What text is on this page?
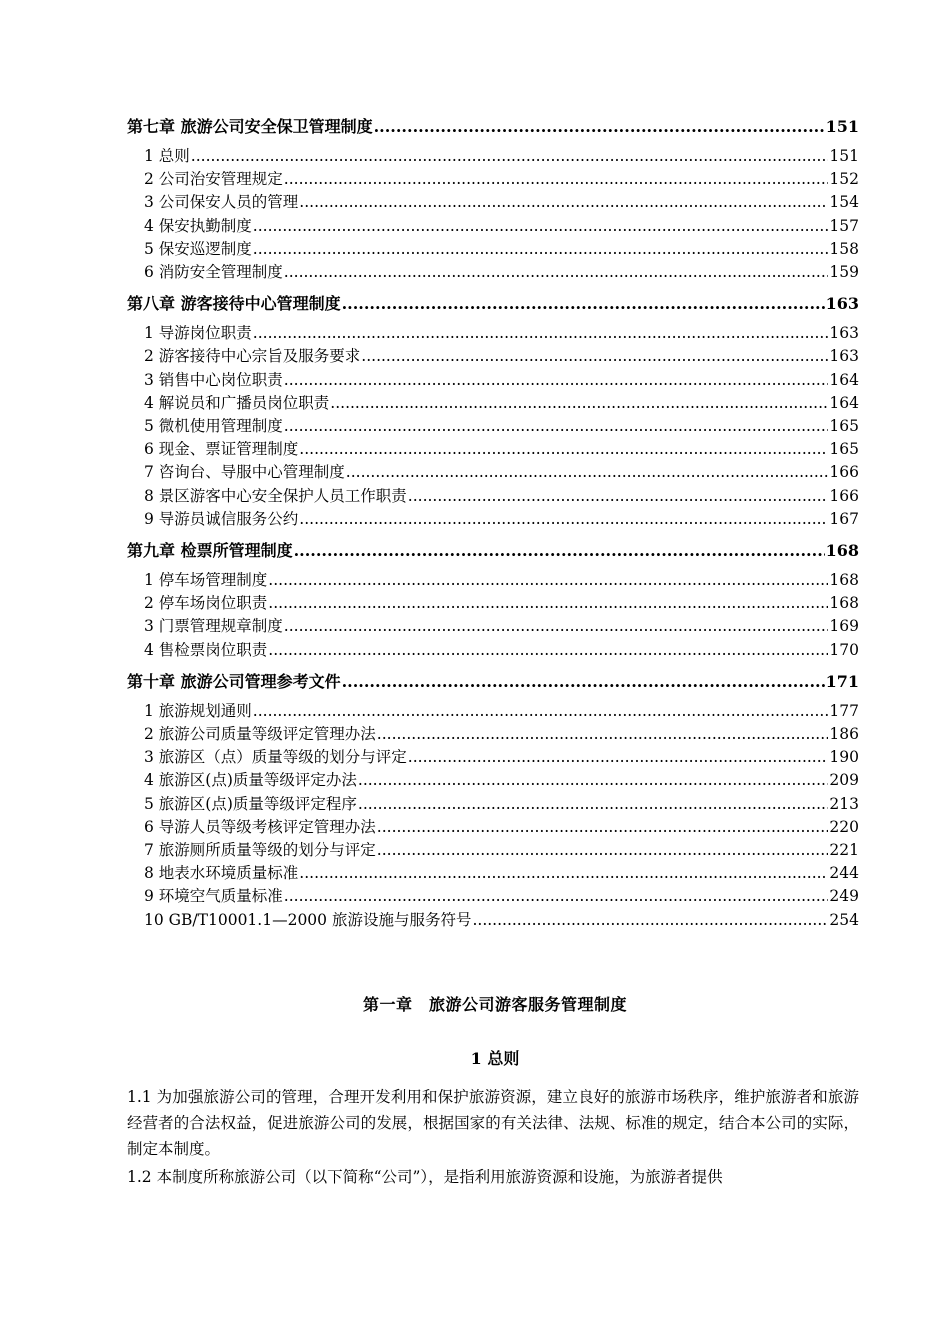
第七章 旅游公司安全保卫管理制度 .....	151
1 总则 .....	151
2 公司治安管理规定 .....	152
3 公司保安人员的管理 .....	154
4 保安执勤制度 .....	157
5 保安巡逻制度 .....	158
6 消防安全管理制度 .....	159
第八章 游客接待中心管理制度 .....	163
1 导游岗位职责 .....	163
2 游客接待中心宗旨及服务要求 .....	163
3 销售中心岗位职责 .....	164
4 解说员和广播员岗位职责 .....	164
5 微机使用管理制度 .....	165
6 现金、票证管理制度 .....	165
7 咨询台、导服中心管理制度 .....	166
8 景区游客中心安全保护人员工作职责 .....	166
9 导游员诚信服务公约 .....	167
第九章 检票所管理制度 .....	168
1 停车场管理制度 .....	168
2 停车场岗位职责 .....	168
3 门票管理规章制度 .....	169
4 售检票岗位职责 .....	170
第十章 旅游公司管理参考文件 .....	171
1 旅游规划通则 .....	177
2 旅游公司质量等级评定管理办法 .....	186
3 旅游区（点）质量等级的划分与评定 .....	190
4 旅游区(点)质量等级评定办法 .....	209
5 旅游区(点)质量等级评定程序 .....	213
6 导游人员等级考核评定管理办法 .....	220
7 旅游厕所质量等级的划分与评定 .....	221
8 地表水环境质量标准 .....	244
9 环境空气质量标准 .....	249
10 GB/T10001.1—2000 旅游设施与服务符号 .....	254
第一章　旅游公司游客服务管理制度
1 总则

1.1 为加强旅游公司的管理，合理开发利用和保护旅游资源，建立良好的旅游市场秩序，维护旅游者和旅游经营者的合法权益，促进旅游公司的发展，根据国家的有关法律、法规、标准的规定，结合本公司的实际，制定本制度。

1.2 本制度所称旅游公司（以下简称“公司”），是指利用旅游资源和设施，为旅游者提供
